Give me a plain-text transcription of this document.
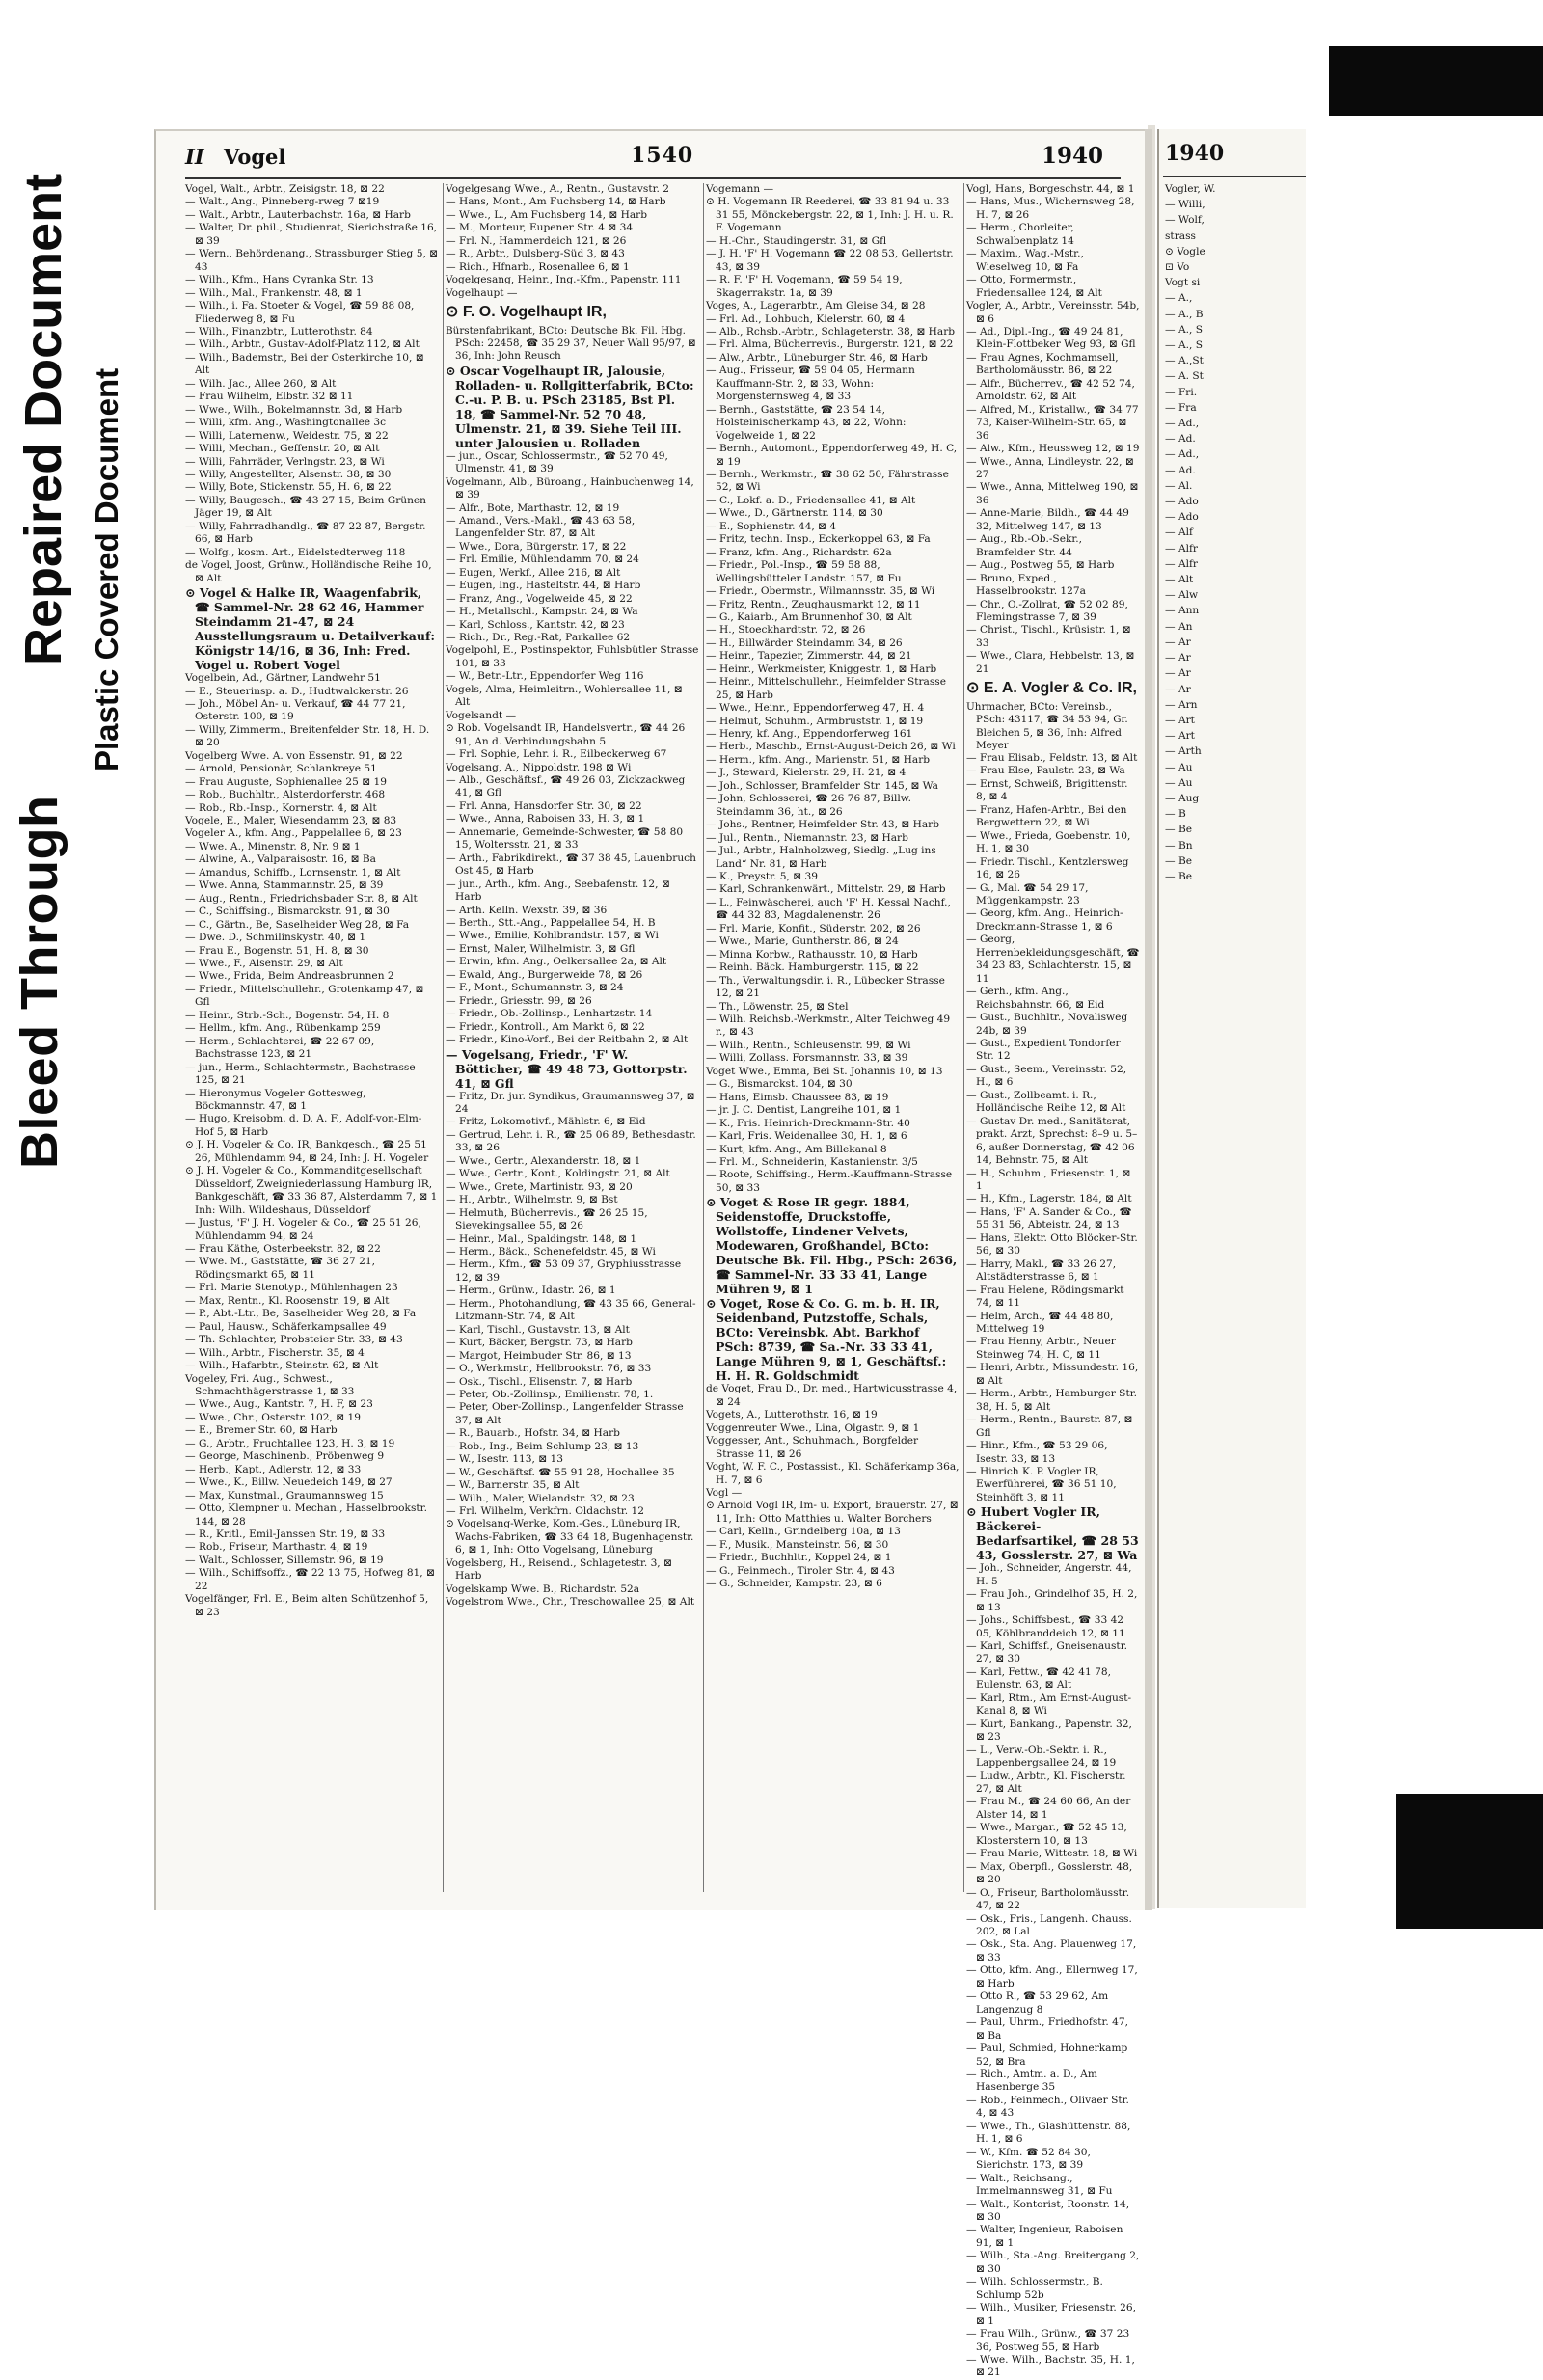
Bleed Through
Repaired Document Plastic Covered Document
II Vogel	1540	1940
Vogel, Walt., Arbtr., Zeisigstr. 18, ⊠ 22
— Walt., Ang., Pinneberg-rweg 7 ⊠19
— Walt., Arbtr., Lauterbachstr. 16a, ⊠ Harb
— Walter, Dr. phil., Studienrat, Sierichstraße 16, ⊠ 39
— Wern., Behördenang., Strassburger Stieg 5, ⊠ 43
— Wilh., Kfm., Hans Cyranka Str. 13
— Wilh., Mal., Frankenstr. 48, ⊠ 1
— Wilh., i. Fa. Stoeter & Vogel, ☎ 59 88 08, Fliederweg 8, ⊠ Fu
— Wilh., Finanzbtr., Lutterothstr. 84
— Wilh., Arbtr., Gustav-Adolf-Platz 112, ⊠ Alt
— Wilh., Bademstr., Bei der Osterkirche 10, ⊠ Alt
— Wilh. Jac., Allee 260, ⊠ Alt
— Frau Wilhelm, Elbstr. 32 ⊠ 11
— Wwe., Wilh., Bokelmannstr. 3d, ⊠ Harb
— Willi, kfm. Ang., Washingtonallee 3c
— Willi, Laternenw., Weidestr. 75, ⊠ 22
— Willi, Mechan., Geffenstr. 20, ⊠ Alt
— Willi, Fahrräder, Verlngstr. 23, ⊠ Wi
— Willy, Angestellter, Alsenstr. 38, ⊠ 30
— Willy, Bote, Stickenstr. 55, H. 6, ⊠ 22
— Willy, Baugesch., ☎ 43 27 15, Beim Grünen Jäger 19, ⊠ Alt
— Willy, Fahrradhandlg., ☎ 87 22 87, Bergstr. 66, ⊠ Harb
— Wolfg., kosm. Art., Eidelstedterweg 118
de Vogel, Joost, Grünw., Holländische Reihe 10, ⊠ Alt
⊙ Vogel & Halke IR, Waagenfabrik, ☎ Sammel-Nr. 28 62 46, Hammer Steindamm 21-47, ⊠ 24 Ausstellungsraum u. Detailverkauf: Königstr 14/16, ⊠ 36, Inh: Fred. Vogel u. Robert Vogel
Vogelbein, Ad., Gärtner, Landwehr 51
— E., Steuerinsp. a. D., Hudtwalckerstr. 26
— Joh., Möbel An- u. Verkauf, ☎ 44 77 21, Osterstr. 100, ⊠ 19
— Willy, Zimmerm., Breitenfelder Str. 18, H. D. ⊠ 20
Vogelberg Wwe. A. von Essenstr. 91, ⊠ 22
— Arnold, Pensionär, Schlankreye 51
— Frau Auguste, Sophienallee 25 ⊠ 19
— Rob., Buchhltr., Alsterdorferstr. 468
— Rob., Rb.-Insp., Kornerstr. 4, ⊠ Alt
Vogele, E., Maler, Wiesendamm 23, ⊠ 83
Vogeler A., kfm. Ang., Pappelallee 6, ⊠ 23
— Wwe. A., Minenstr. 8, Nr. 9 ⊠ 1
— Alwine, A., Valparaisostr. 16, ⊠ Ba
— Amandus, Schiffb., Lornsenstr. 1, ⊠ Alt
— Wwe. Anna, Stammannstr. 25, ⊠ 39
— Aug., Rentn., Friedrichsbader Str. 8, ⊠ Alt
— C., Schiffsing., Bismarckstr. 91, ⊠ 30
— C., Gärtn., Be, Saselheider Weg 28, ⊠ Fa
— Dwe. D., Schmilinskystr. 40, ⊠ 1
— Frau E., Bogenstr. 51, H. 8, ⊠ 30
— Wwe., F., Alsenstr. 29, ⊠ Alt
— Wwe., Frida, Beim Andreasbrunnen 2
— Friedr., Mittelschullehr., Grotenkamp 47, ⊠ Gfl
— Heinr., Strb.-Sch., Bogenstr. 54, H. 8
— Hellm., kfm. Ang., Rübenkamp 259
— Herm., Schlachterei, ☎ 22 67 09, Bachstrasse 123, ⊠ 21
— jun., Herm., Schlachtermstr., Bachstrasse 125, ⊠ 21
— Hieronymus Vogeler Gottesweg, Böckmannstr. 47, ⊠ 1
— Hugo, Kreisobm. d. D. A. F., Adolf-von-Elm-Hof 5, ⊠ Harb
⊙ J. H. Vogeler & Co. IR, Bankgesch., ☎ 25 51 26, Mühlendamm 94, ⊠ 24, Inh: J. H. Vogeler
⊙ J. H. Vogeler & Co., Kommanditgesellschaft Düsseldorf, Zweigniederlassung Hamburg IR, Bankgeschäft, ☎ 33 36 87, Alsterdamm 7, ⊠ 1 Inh: Wilh. Wildeshaus, Düsseldorf
— Justus, 'F' J. H. Vogeler & Co., ☎ 25 51 26, Mühlendamm 94, ⊠ 24
— Frau Käthe, Osterbeekstr. 82, ⊠ 22
— Wwe. M., Gaststätte, ☎ 36 27 21, Rödingsmarkt 65, ⊠ 11
— Frl. Marie Stenotyp., Mühlenhagen 23
— Max, Rentn., Kl. Roosenstr. 19, ⊠ Alt
— P., Abt.-Ltr., Be, Saselheider Weg 28, ⊠ Fa
— Paul, Hausw., Schäferkampsallee 49
— Th. Schlachter, Probsteier Str. 33, ⊠ 43
— Wilh., Arbtr., Fischerstr. 35, ⊠ 4
— Wilh., Hafarbtr., Steinstr. 62, ⊠ Alt
Vogeley, Fri. Aug., Schwest., Schmachthägerstrasse 1, ⊠ 33
— Wwe., Aug., Kantstr. 7, H. F, ⊠ 23
— Wwe., Chr., Osterstr. 102, ⊠ 19
— E., Bremer Str. 60, ⊠ Harb
— G., Arbtr., Fruchtallee 123, H. 3, ⊠ 19
— George, Maschinenb., Pröbenweg 9
— Herb., Kapt., Adlerstr. 12, ⊠ 33
— Wwe., K., Billw. Neuedeich 149, ⊠ 27
— Max, Kunstmal., Graumannsweg 15
— Otto, Klempner u. Mechan., Hasselbrookstr. 144, ⊠ 28
— R., Kritl., Emil-Janssen Str. 19, ⊠ 33
— Rob., Friseur, Marthastr. 4, ⊠ 19
— Walt., Schlosser, Sillemstr. 96, ⊠ 19
— Wilh., Schiffsoffz., ☎ 22 13 75, Hofweg 81, ⊠ 22
Vogelfänger, Frl. E., Beim alten Schützenhof 5, ⊠ 23
Vogelgesang Wwe., A., Rentn., Gustavstr. 2
— Hans, Mont., Am Fuchsberg 14, ⊠ Harb
— Wwe., L., Am Fuchsberg 14, ⊠ Harb
— M., Monteur, Eupener Str. 4 ⊠ 34
— Frl. N., Hammerdeich 121, ⊠ 26
— R., Arbtr., Dulsberg-Süd 3, ⊠ 43
— Rich., Hfnarb., Rosenallee 6, ⊠ 1
Vogelgesang, Heinr., Ing.-Kfm., Papenstr. 111
Vogelhaupt —
⊙ F. O. Vogelhaupt IR,
Bürstenfabrikant, BCto: Deutsche Bk. Fil. Hbg. PSch: 22458, ☎ 35 29 37, Neuer Wall 95/97, ⊠ 36, Inh: John Reusch
⊙ Oscar Vogelhaupt IR, Jalousie, Rolladen- u. Rollgitterfabrik, BCto: C.-u. P. B. u. PSch 23185, Bst Pl. 18, ☎ Sammel-Nr. 52 70 48, Ulmenstr. 21, ⊠ 39. Siehe Teil III. unter Jalousien u. Rolladen
— jun., Oscar, Schlossermstr., ☎ 52 70 49, Ulmenstr. 41, ⊠ 39
Vogelmann, Alb., Büroang., Hainbuchenweg 14, ⊠ 39
— Alfr., Bote, Marthastr. 12, ⊠ 19
— Amand., Vers.-Makl., ☎ 43 63 58, Langenfelder Str. 87, ⊠ Alt
— Wwe., Dora, Bürgerstr. 17, ⊠ 22
— Frl. Emilie, Mühlendamm 70, ⊠ 24
— Eugen, Werkf., Allee 216, ⊠ Alt
— Eugen, Ing., Hasteltstr. 44, ⊠ Harb
— Franz, Ang., Vogelweide 45, ⊠ 22
— H., Metallschl., Kampstr. 24, ⊠ Wa
— Karl, Schloss., Kantstr. 42, ⊠ 23
— Rich., Dr., Reg.-Rat, Parkallee 62
Vogelpohl, E., Postinspektor, Fuhlsbütler Strasse 101, ⊠ 33
— W., Betr.-Ltr., Eppendorfer Weg 116
Vogels, Alma, Heimleitrn., Wohlersallee 11, ⊠ Alt
Vogelsandt —
⊙ Rob. Vogelsandt IR, Handelsvertr., ☎ 44 26 91, An d. Verbindungsbahn 5
— Frl. Sophie, Lehr. i. R., Eilbeckerweg 67
Vogelsang, A., Nippoldstr. 198 ⊠ Wi
— Alb., Geschäftsf., ☎ 49 26 03, Zickzackweg 41, ⊠ Gfl
— Frl. Anna, Hansdorfer Str. 30, ⊠ 22
— Wwe., Anna, Raboisen 33, H. 3, ⊠ 1
— Annemarie, Gemeinde-Schwester, ☎ 58 80 15, Woltersstr. 21, ⊠ 33
— Arth., Fabrikdirekt., ☎ 37 38 45, Lauenbruch Ost 45, ⊠ Harb
— jun., Arth., kfm. Ang., Seebafenstr. 12, ⊠ Harb
— Arth. Kelln. Wexstr. 39, ⊠ 36
— Berth., Stt.-Ang., Pappelallee 54, H. B
— Wwe., Emilie, Kohlbrandstr. 157, ⊠ Wi
— Ernst, Maler, Wilhelmistr. 3, ⊠ Gfl
— Erwin, kfm. Ang., Oelkersallee 2a, ⊠ Alt
— Ewald, Ang., Burgerweide 78, ⊠ 26
— F., Mont., Schumannstr. 3, ⊠ 24
— Friedr., Griesstr. 99, ⊠ 26
— Friedr., Ob.-Zollinsp., Lenhartzstr. 14
— Friedr., Kontroll., Am Markt 6, ⊠ 22
— Friedr., Kino-Vorf., Bei der Reitbahn 2, ⊠ Alt
— Vogelsang, Friedr., 'F' W. Bötticher, ☎ 49 48 73, Gottorpstr. 41, ⊠ Gfl
— Fritz, Dr. jur. Syndikus, Graumannsweg 37, ⊠ 24
— Fritz, Lokomotivf., Mählstr. 6, ⊠ Eid
— Gertrud, Lehr. i. R., ☎ 25 06 89, Bethesdastr. 33, ⊠ 26
— Wwe., Gertr., Alexanderstr. 18, ⊠ 1
— Wwe., Gertr., Kont., Koldingstr. 21, ⊠ Alt
— Wwe., Grete, Martinistr. 93, ⊠ 20
— H., Arbtr., Wilhelmstr. 9, ⊠ Bst
— Helmuth, Bücherrevis., ☎ 26 25 15, Sievekingsallee 55, ⊠ 26
— Heinr., Mal., Spaldingstr. 148, ⊠ 1
— Herm., Bäck., Schenefeldstr. 45, ⊠ Wi
— Herm., Kfm., ☎ 53 09 37, Gryphiusstrasse 12, ⊠ 39
— Herm., Grünw., Idastr. 26, ⊠ 1
— Herm., Photohandlung, ☎ 43 35 66, General-Litzmann-Str. 74, ⊠ Alt
— Karl, Tischl., Gustavstr. 13, ⊠ Alt
— Kurt, Bäcker, Bergstr. 73, ⊠ Harb
— Margot, Heimbuder Str. 86, ⊠ 13
— O., Werkmstr., Hellbrookstr. 76, ⊠ 33
— Osk., Tischl., Elisenstr. 7, ⊠ Harb
— Peter, Ob.-Zollinsp., Emilienstr. 78, 1.
— Peter, Ober-Zollinsp., Langenfelder Strasse 37, ⊠ Alt
— R., Bauarb., Hofstr. 34, ⊠ Harb
— Rob., Ing., Beim Schlump 23, ⊠ 13
— W., Isestr. 113, ⊠ 13
— W., Geschäftsf. ☎ 55 91 28, Hochallee 35
— W., Barnerstr. 35, ⊠ Alt
— Wilh., Maler, Wielandstr. 32, ⊠ 23
— Frl. Wilhelm, Verkfrn. Oldachstr. 12
⊙ Vogelsang-Werke, Kom.-Ges., Lüneburg IR, Wachs-Fabriken, ☎ 33 64 18, Bugenhagenstr. 6, ⊠ 1, Inh: Otto Vogelsang, Lüneburg
Vogelsberg, H., Reisend., Schlagetestr. 3, ⊠ Harb
Vogelskamp Wwe. B., Richardstr. 52a
Vogelstrom Wwe., Chr., Treschowallee 25, ⊠ Alt
Vogemann —
⊙ H. Vogemann IR Reederei, ☎ 33 81 94 u. 33 31 55, Mönckebergstr. 22, ⊠ 1, Inh: J. H. u. R. F. Vogemann
— H.-Chr., Staudingerstr. 31, ⊠ Gfl
— J. H. 'F' H. Vogemann ☎ 22 08 53, Gellertstr. 43, ⊠ 39
— R. F. 'F' H. Vogemann, ☎ 59 54 19, Skagerrakstr. 1a, ⊠ 39
Voges, A., Lagerarbtr., Am Gleise 34, ⊠ 28
— Frl. Ad., Lohbuch, Kielerstr. 60, ⊠ 4
— Alb., Rchsb.-Arbtr., Schlageterstr. 38, ⊠ Harb
— Frl. Alma, Bücherrevis., Burgerstr. 121, ⊠ 22
— Alw., Arbtr., Lüneburger Str. 46, ⊠ Harb
— Aug., Frisseur, ☎ 59 04 05, Hermann Kauffmann-Str. 2, ⊠ 33, Wohn: Morgensternsweg 4, ⊠ 33
— Bernh., Gaststätte, ☎ 23 54 14, Holsteinischerkamp 43, ⊠ 22, Wohn: Vogelweide 1, ⊠ 22
— Bernh., Automont., Eppendorferweg 49, H. C, ⊠ 19
— Bernh., Werkmstr., ☎ 38 62 50, Fährstrasse 52, ⊠ Wi
— C., Lokf. a. D., Friedensallee 41, ⊠ Alt
— Wwe., D., Gärtnerstr. 114, ⊠ 30
— E., Sophienstr. 44, ⊠ 4
— Fritz, techn. Insp., Eckerkoppel 63, ⊠ Fa
— Franz, kfm. Ang., Richardstr. 62a
— Friedr., Pol.-Insp., ☎ 59 58 88, Wellingsbütteler Landstr. 157, ⊠ Fu
— Friedr., Obermstr., Wilmannsstr. 35, ⊠ Wi
— Fritz, Rentn., Zeughausmarkt 12, ⊠ 11
— G., Kaiarb., Am Brunnenhof 30, ⊠ Alt
— H., Stoeckhardtstr. 72, ⊠ 26
— H., Billwärder Steindamm 34, ⊠ 26
— Heinr., Tapezier, Zimmerstr. 44, ⊠ 21
— Heinr., Werkmeister, Kniggestr. 1, ⊠ Harb
— Heinr., Mittelschullehr., Heimfelder Strasse 25, ⊠ Harb
— Wwe., Heinr., Eppendorferweg 47, H. 4
— Helmut, Schuhm., Armbruststr. 1, ⊠ 19
— Henry, kf. Ang., Eppendorferweg 161
— Herb., Maschb., Ernst-August-Deich 26, ⊠ Wi
— Herm., kfm. Ang., Marienstr. 51, ⊠ Harb
— J., Steward, Kielerstr. 29, H. 21, ⊠ 4
— Joh., Schlosser, Bramfelder Str. 145, ⊠ Wa
— John, Schlosserei, ☎ 26 76 87, Billw. Steindamm 36, ht., ⊠ 26
— Johs., Rentner, Heimfelder Str. 43, ⊠ Harb
— Jul., Rentn., Niemannstr. 23, ⊠ Harb
— Jul., Arbtr., Halnholzweg, Siedlg. „Lug ins Land“ Nr. 81, ⊠ Harb
— K., Preystr. 5, ⊠ 39
— Karl, Schrankenwärt., Mittelstr. 29, ⊠ Harb
— L., Feinwäscherei, auch 'F' H. Kessal Nachf., ☎ 44 32 83, Magdalenenstr. 26
— Frl. Marie, Konfit., Süderstr. 202, ⊠ 26
— Wwe., Marie, Guntherstr. 86, ⊠ 24
— Minna Korbw., Rathausstr. 10, ⊠ Harb
— Reinh. Bäck. Hamburgerstr. 115, ⊠ 22
— Th., Verwaltungsdir. i. R., Lübecker Strasse 12, ⊠ 21
— Th., Löwenstr. 25, ⊠ Stel
— Wilh. Reichsb.-Werkmstr., Alter Teichweg 49 r., ⊠ 43
— Wilh., Rentn., Schleusenstr. 99, ⊠ Wi
— Willi, Zollass. Forsmannstr. 33, ⊠ 39
Voget Wwe., Emma, Bei St. Johannis 10, ⊠ 13
— G., Bismarckst. 104, ⊠ 30
— Hans, Eimsb. Chaussee 83, ⊠ 19
— jr. J. C. Dentist, Langreihe 101, ⊠ 1
— K., Fris. Heinrich-Dreckmann-Str. 40
— Karl, Fris. Weidenallee 30, H. 1, ⊠ 6
— Kurt, kfm. Ang., Am Billekanal 8
— Frl. M., Schneiderin, Kastanienstr. 3/5
— Roote, Schiffsing., Herm.-Kauffmann-Strasse 50, ⊠ 33
⊙ Voget & Rose IR gegr. 1884, Seidenstoffe, Druckstoffe, Wollstoffe, Lindener Velvets, Modewaren, Großhandel, BCto: Deutsche Bk. Fil. Hbg., PSch: 2636, ☎ Sammel-Nr. 33 33 41, Lange Mühren 9, ⊠ 1
⊙ Voget, Rose & Co. G. m. b. H. IR, Seidenband, Putzstoffe, Schals, BCto: Vereinsbk. Abt. Barkhof PSch: 8739, ☎ Sa.-Nr. 33 33 41, Lange Mühren 9, ⊠ 1, Geschäftsf.: H. H. R. Goldschmidt
de Voget, Frau D., Dr. med., Hartwicusstrasse 4, ⊠ 24
Vogets, A., Lutterothstr. 16, ⊠ 19
Voggenreuter Wwe., Lina, Olgastr. 9, ⊠ 1
Voggesser, Ant., Schuhmach., Borgfelder Strasse 11, ⊠ 26
Voght, W. F. C., Postassist., Kl. Schäferkamp 36a, H. 7, ⊠ 6
Vogl —
⊙ Arnold Vogl IR, Im- u. Export, Brauerstr. 27, ⊠ 11, Inh: Otto Matthies u. Walter Borchers
— Carl, Kelln., Grindelberg 10a, ⊠ 13
— F., Musik., Mansteinstr. 56, ⊠ 30
— Friedr., Buchhltr., Koppel 24, ⊠ 1
— G., Feinmech., Tiroler Str. 4, ⊠ 43
— G., Schneider, Kampstr. 23, ⊠ 6
Vogl, Hans, Borgeschstr. 44, ⊠ 1
— Hans, Mus., Wichernsweg 28, H. 7, ⊠ 26
— Herm., Chorleiter, Schwalbenplatz 14
— Maxim., Wag.-Mstr., Wieselweg 10, ⊠ Fa
— Otto, Formermstr., Friedensallee 124, ⊠ Alt
Vogler, A., Arbtr., Vereinsstr. 54b, ⊠ 6
— Ad., Dipl.-Ing., ☎ 49 24 81, Klein-Flottbeker Weg 93, ⊠ Gfl
— Frau Agnes, Kochmamsell, Bartholomäusstr. 86, ⊠ 22
— Alfr., Bücherrev., ☎ 42 52 74, Arnoldstr. 62, ⊠ Alt
— Alfred, M., Kristallw., ☎ 34 77 73, Kaiser-Wilhelm-Str. 65, ⊠ 36
— Alw., Kfm., Heussweg 12, ⊠ 19
— Wwe., Anna, Lindleystr. 22, ⊠ 27
— Wwe., Anna, Mittelweg 190, ⊠ 36
— Anne-Marie, Bildh., ☎ 44 49 32, Mittelweg 147, ⊠ 13
— Aug., Rb.-Ob.-Sekr., Bramfelder Str. 44
— Aug., Postweg 55, ⊠ Harb
— Bruno, Exped., Hasselbrookstr. 127a
— Chr., O.-Zollrat, ☎ 52 02 89, Flemingstrasse 7, ⊠ 39
— Christ., Tischl., Krüsistr. 1, ⊠ 33
— Wwe., Clara, Hebbelstr. 13, ⊠ 21
⊙ E. A. Vogler & Co. IR,
Uhrmacher, BCto: Vereinsb., PSch: 43117, ☎ 34 53 94, Gr. Bleichen 5, ⊠ 36, Inh: Alfred Meyer
— Frau Elisab., Feldstr. 13, ⊠ Alt
— Frau Else, Paulstr. 23, ⊠ Wa
— Ernst, Schweiß, Brigittenstr. 8, ⊠ 4
— Franz, Hafen-Arbtr., Bei den Bergwettern 22, ⊠ Wi
— Wwe., Frieda, Goebenstr. 10, H. 1, ⊠ 30
— Friedr. Tischl., Kentzlersweg 16, ⊠ 26
— G., Mal. ☎ 54 29 17, Müggenkampstr. 23
— Georg, kfm. Ang., Heinrich-Dreckmann-Strasse 1, ⊠ 6
— Georg, Herrenbekleidungsgeschäft, ☎ 34 23 83, Schlachterstr. 15, ⊠ 11
— Gerh., kfm. Ang., Reichsbahnstr. 66, ⊠ Eid
— Gust., Buchhltr., Novalisweg 24b, ⊠ 39
— Gust., Expedient Tondorfer Str. 12
— Gust., Seem., Vereinsstr. 52, H., ⊠ 6
— Gust., Zollbeamt. i. R., Holländische Reihe 12, ⊠ Alt
— Gustav Dr. med., Sanitätsrat, prakt. Arzt, Sprechst: 8–9 u. 5–6, außer Donnerstag, ☎ 42 06 14, Behnstr. 75, ⊠ Alt
— H., Schuhm., Friesenstr. 1, ⊠ 1
— H., Kfm., Lagerstr. 184, ⊠ Alt
— Hans, 'F' A. Sander & Co., ☎ 55 31 56, Abteistr. 24, ⊠ 13
— Hans, Elektr. Otto Blöcker-Str. 56, ⊠ 30
— Harry, Makl., ☎ 33 26 27, Altstädterstrasse 6, ⊠ 1
— Frau Helene, Rödingsmarkt 74, ⊠ 11
— Helm, Arch., ☎ 44 48 80, Mittelweg 19
— Frau Henny, Arbtr., Neuer Steinweg 74, H. C, ⊠ 11
— Henri, Arbtr., Missundestr. 16, ⊠ Alt
— Herm., Arbtr., Hamburger Str. 38, H. 5, ⊠ Alt
— Herm., Rentn., Baurstr. 87, ⊠ Gfl
— Hinr., Kfm., ☎ 53 29 06, Isestr. 33, ⊠ 13
— Hinrich K. P. Vogler IR, Ewerführerei, ☎ 36 51 10, Steinhöft 3, ⊠ 11
⊙ Hubert Vogler IR, Bäckerei-Bedarfsartikel, ☎ 28 53 43, Gosslerstr. 27, ⊠ Wa
— Joh., Schneider, Angerstr. 44, H. 5
— Frau Joh., Grindelhof 35, H. 2, ⊠ 13
— Johs., Schiffsbest., ☎ 33 42 05, Köhlbranddeich 12, ⊠ 11
— Karl, Schiffsf., Gneisenaustr. 27, ⊠ 30
— Karl, Fettw., ☎ 42 41 78, Eulenstr. 63, ⊠ Alt
— Karl, Rtm., Am Ernst-August-Kanal 8, ⊠ Wi
— Kurt, Bankang., Papenstr. 32, ⊠ 23
— L., Verw.-Ob.-Sektr. i. R., Lappenbergsallee 24, ⊠ 19
— Ludw., Arbtr., Kl. Fischerstr. 27, ⊠ Alt
— Frau M., ☎ 24 60 66, An der Alster 14, ⊠ 1
— Wwe., Margar., ☎ 52 45 13, Klosterstern 10, ⊠ 13
— Frau Marie, Wittestr. 18, ⊠ Wi
— Max, Oberpfl., Gosslerstr. 48, ⊠ 20
— O., Friseur, Bartholomäusstr. 47, ⊠ 22
— Osk., Fris., Langenh. Chauss. 202, ⊠ Lal
— Osk., Sta. Ang. Plauenweg 17, ⊠ 33
— Otto, kfm. Ang., Ellernweg 17, ⊠ Harb
— Otto R., ☎ 53 29 62, Am Langenzug 8
— Paul, Uhrm., Friedhofstr. 47, ⊠ Ba
— Paul, Schmied, Hohnerkamp 52, ⊠ Bra
— Rich., Amtm. a. D., Am Hasenberge 35
— Rob., Feinmech., Olivaer Str. 4, ⊠ 43
— Wwe., Th., Glashüttenstr. 88, H. 1, ⊠ 6
— W., Kfm. ☎ 52 84 30, Sierichstr. 173, ⊠ 39
— Walt., Reichsang., Immelmannsweg 31, ⊠ Fu
— Walt., Kontorist, Roonstr. 14, ⊠ 30
— Walter, Ingenieur, Raboisen 91, ⊠ 1
— Wilh., Sta.-Ang. Breitergang 2, ⊠ 30
— Wilh. Schlossermstr., B. Schlump 52b
— Wilh., Musiker, Friesenstr. 26, ⊠ 1
— Frau Wilh., Grünw., ☎ 37 23 36, Postweg 55, ⊠ Harb
— Wwe. Wilh., Bachstr. 35, H. 1, ⊠ 21
1940
Vogler, W.
— Willi,
— Wolf,
strass
⊙ Vogle
⊡ Vo
Vogt si
— A.,
— A., B
— A., S
— A., S
— A.,St
— A. St
— Fri.
— Fra
— Ad.,
— Ad.
— Ad.,
— Ad.
— Al.
— Ado
— Ado
— Alf
— Alfr
— Alfr
— Alt
— Alw
— Ann
— An
— Ar
— Ar
— Ar
— Ar
— Arn
— Art
— Art
— Arth
— Au
— Au
— Aug
— B
— Be
— Bn
— Be
— Be
